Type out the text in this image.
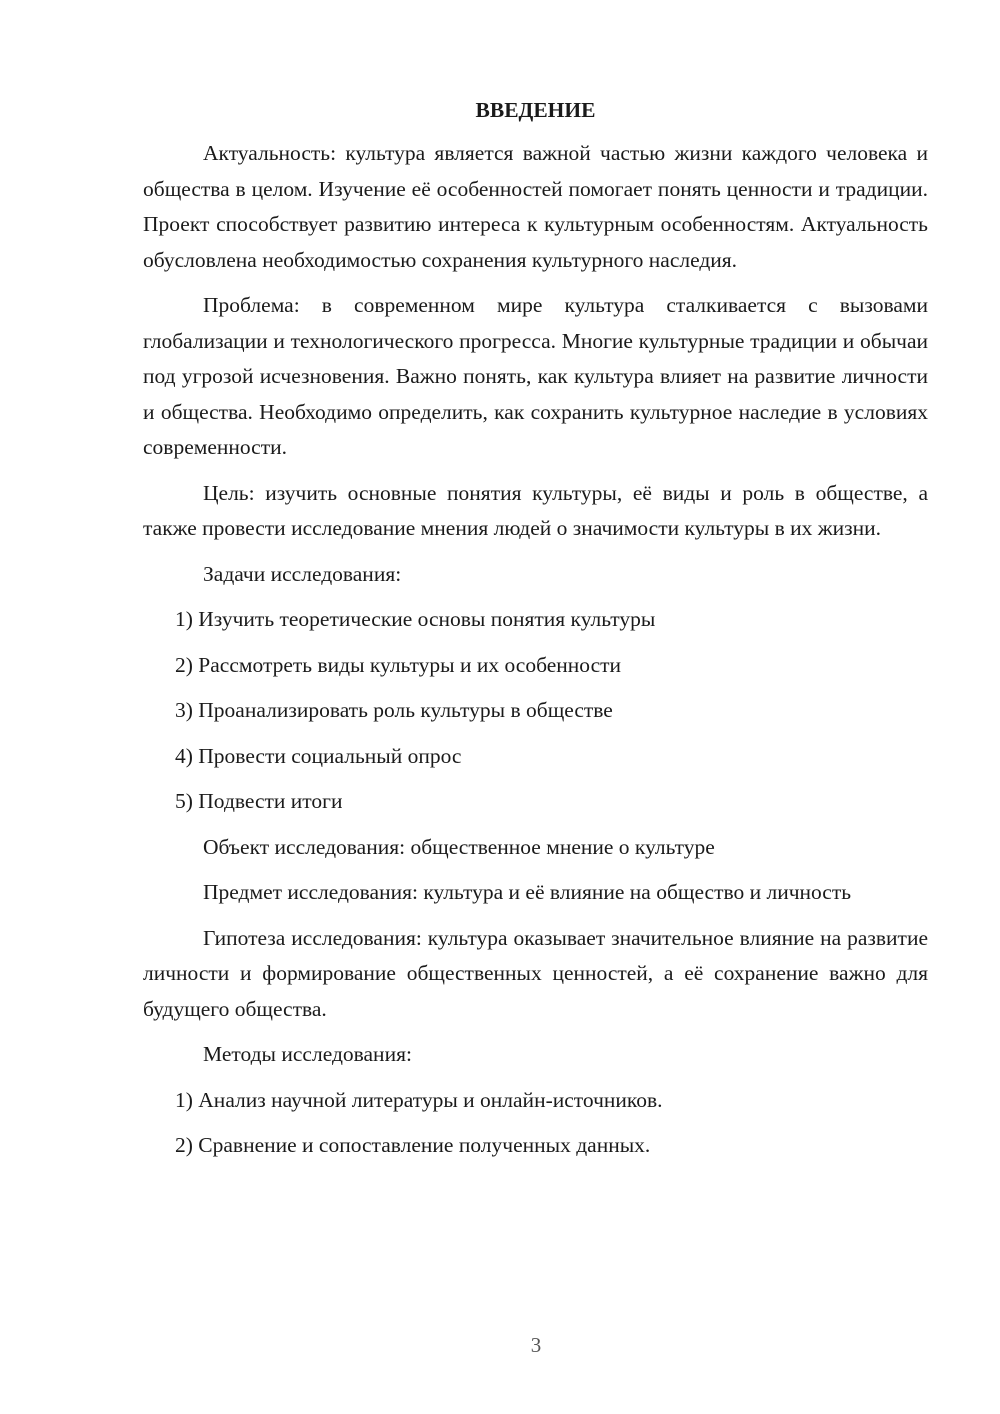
ВВЕДЕНИЕ

Актуальность: культура является важной частью жизни каждого человека и общества в целом. Изучение её особенностей помогает понять ценности и традиции. Проект способствует развитию интереса к культурным особенностям. Актуальность обусловлена необходимостью сохранения культурного наследия.

Проблема: в современном мире культура сталкивается с вызовами глобализации и технологического прогресса. Многие культурные традиции и обычаи под угрозой исчезновения. Важно понять, как культура влияет на развитие личности и общества. Необходимо определить, как сохранить культурное наследие в условиях современности.

Цель: изучить основные понятия культуры, её виды и роль в обществе, а также провести исследование мнения людей о значимости культуры в их жизни.

Задачи исследования:

1) Изучить теоретические основы понятия культуры
2) Рассмотреть виды культуры и их особенности
3) Проанализировать роль культуры в обществе
4) Провести социальный опрос
5) Подвести итоги

Объект исследования: общественное мнение о культуре

Предмет исследования: культура и её влияние на общество и личность

Гипотеза исследования: культура оказывает значительное влияние на развитие личности и формирование общественных ценностей, а её сохранение важно для будущего общества.

Методы исследования:

1) Анализ научной литературы и онлайн-источников.
2) Сравнение и сопоставление полученных данных.
3
